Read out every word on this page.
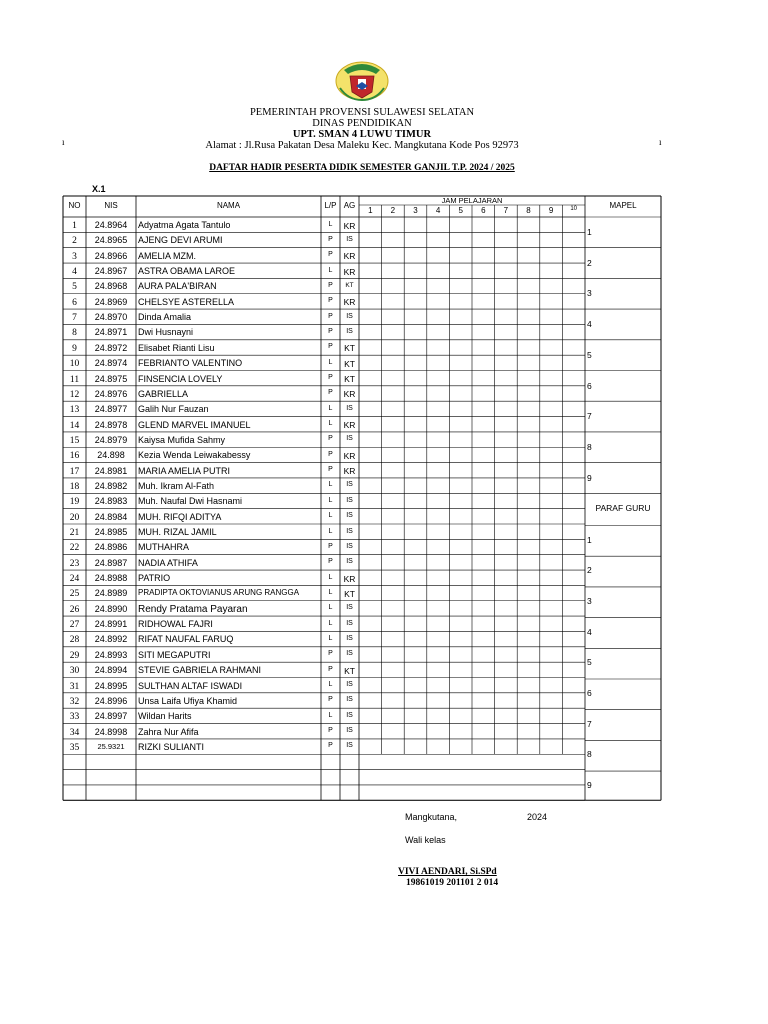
PEMERINTAH PROVENSI SULAWESI SELATAN
DINAS PENDIDIKAN
UPT. SMAN 4 LUWU TIMUR
Alamat : Jl.Rusa Pakatan Desa Maleku Kec. Mangkutana Kode Pos 92973
ı	ı
DAFTAR HADIR PESERTA DIDIK SEMESTER GANJIL T.P. 2024 / 2025
X.1
NO	NIS	NAMA	L/P AG
JAM PELAJARAN
MAPEL
1	2	3	4	5	6	7	8	9	10
1	24.8964	Adyatma Agata Tantulo	L	KR
2	24.8965	AJENG DEVI ARUMI	P	IS
3	24.8966	AMELIA MZM.	P	KR
4	24.8967	ASTRA OBAMA LAROE	L	KR
5	24.8968	AURA PALA'BIRAN	P	KT
6	24.8969	CHELSYE ASTERELLA	P	KR
7	24.8970	Dinda Amalia	P	IS
8	24.8971	Dwi Husnayni	P	IS
9	24.8972	Elisabet Rianti Lisu	P	KT
10	24.8974	FEBRIANTO VALENTINO	L	KT
11	24.8975	FINSENCIA LOVELY	P	KT
12	24.8976	GABRIELLA	P	KR
13	24.8977	Galih Nur Fauzan	L	IS
14	24.8978	GLEND MARVEL IMANUEL	L	KR
15	24.8979	Kaiysa Mufida Sahmy	P	IS
16	24.898	Kezia Wenda Leiwakabessy	P	KR
17	24.8981	MARIA AMELIA PUTRI	P	KR
18	24.8982	Muh. Ikram Al-Fath	L	IS
19	24.8983	Muh. Naufal Dwi Hasnami	L	IS
20	24.8984	MUH. RIFQI ADITYA	L	IS
21	24.8985	MUH. RIZAL JAMIL	L	IS
22	24.8986	MUTHAHRA	P	IS
23	24.8987	NADIA ATHIFA	P	IS
24	24.8988	PATRIO	L	KR
25	24.8989	PRADIPTA OKTOVIANUS ARUNG RANGGA	L	KT
26	24.8990	Rendy Pratama Payaran	L	IS
27	24.8991	RIDHOWAL FAJRI	L	IS
28	24.8992	RIFAT NAUFAL FARUQ	L	IS
29	24.8993	SITI MEGAPUTRI	P	IS
30	24.8994	STEVIE GABRIELA RAHMANI	P	KT
31	24.8995	SULTHAN ALTAF ISWADI	L	IS
32	24.8996	Unsa Laifa Ufiya Khamid	P	IS
33	24.8997	Wildan Harits	L	IS
34	24.8998	Zahra Nur Afifa	P	IS
35	25.9321	RIZKI SULIANTI	P	IS
1
2
3
4
5
6
7
8
9
PARAF GURU
1
2
3
4
5
6
7
8
9
Mangkutana,	2024
Wali kelas
VIVI AENDARI, Si.SPd
19861019 201101 2 014
